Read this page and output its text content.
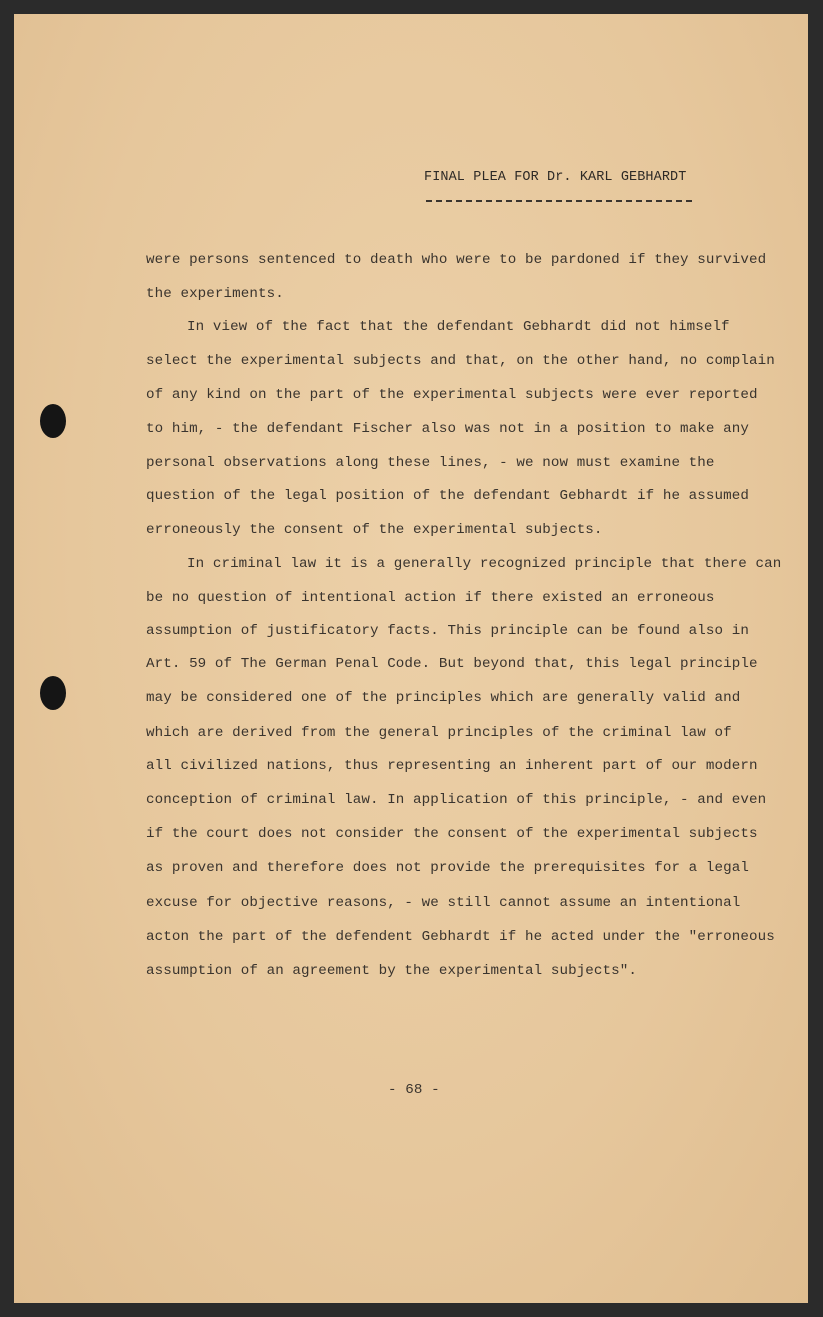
FINAL PLEA FOR Dr. KARL GEBHARDT
were persons sentenced to death who were to be pardoned if they survived
the experiments.
In view of the fact that the defendant Gebhardt did not himself
select the experimental subjects and that, on the other hand, no complain
of any kind on the part of the experimental subjects were ever reported
to him, - the defendant Fischer also was not in a position to make any
personal observations along these lines, - we now must examine the
question of the legal position of the defendant Gebhardt if he assumed
erroneously the consent of the experimental subjects.
In criminal law it is a generally recognized principle that there can
be no question of intentional action if there existed an erroneous
assumption of justificatory facts. This principle can be found also in
Art. 59 of The German Penal Code. But beyond that, this legal principle
may be considered one of the principles which are generally valid and
which are derived from the general principles of the criminal law of
all civilized nations, thus representing an inherent part of our modern
conception of criminal law. In application of this principle, - and even
if the court does not consider the consent of the experimental subjects
as proven and therefore does not provide the prerequisites for a legal
excuse for objective reasons, - we still cannot assume an intentional
acton the part of the defendent Gebhardt if he acted under the "erroneous
assumption of an agreement by the experimental subjects".
- 68 -
